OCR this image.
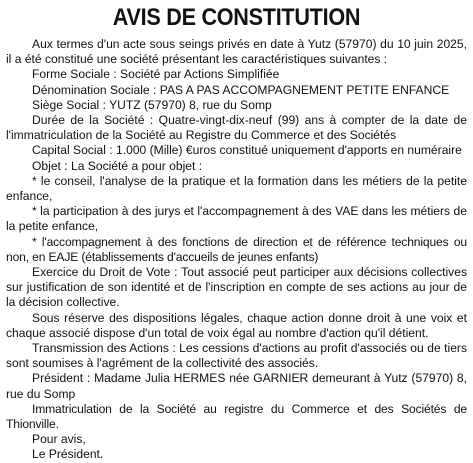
AVIS DE CONSTITUTION

Aux termes d'un acte sous seings privés en date à Yutz (57970) du 10 juin 2025, il a été constitué une société présentant les caractéristiques suivantes :

Forme Sociale : Société par Actions Simplifiée

Dénomination Sociale : PAS A PAS ACCOMPAGNEMENT PETITE ENFANCE

Siège Social : YUTZ (57970) 8, rue du Somp

Durée de la Société : Quatre-vingt-dix-neuf (99) ans à compter de la date de l'immatriculation de la Société au Registre du Commerce et des Sociétés

Capital Social : 1.000 (Mille) €uros constitué uniquement d'apports en numéraire

Objet : La Société a pour objet :

* le conseil, l'analyse de la pratique et la formation dans les métiers de la petite enfance,

* la participation à des jurys et l'accompagnement à des VAE dans les métiers de la petite enfance,

* l'accompagnement à des fonctions de direction et de référence techniques ou non, en EAJE (établissements d'accueils de jeunes enfants)

Exercice du Droit de Vote : Tout associé peut participer aux décisions collectives sur justification de son identité et de l'inscription en compte de ses actions au jour de la décision collective.

Sous réserve des dispositions légales, chaque action donne droit à une voix et chaque associé dispose d'un total de voix égal au nombre d'action qu'il détient.

Transmission des Actions : Les cessions d'actions au profit d'associés ou de tiers sont soumises à l'agrément de la collectivité des associés.

Président : Madame Julia HERMES née GARNIER demeurant à Yutz (57970) 8, rue du Somp

Immatriculation de la Société au registre du Commerce et des Sociétés de Thionville.

Pour avis,

Le Président.
